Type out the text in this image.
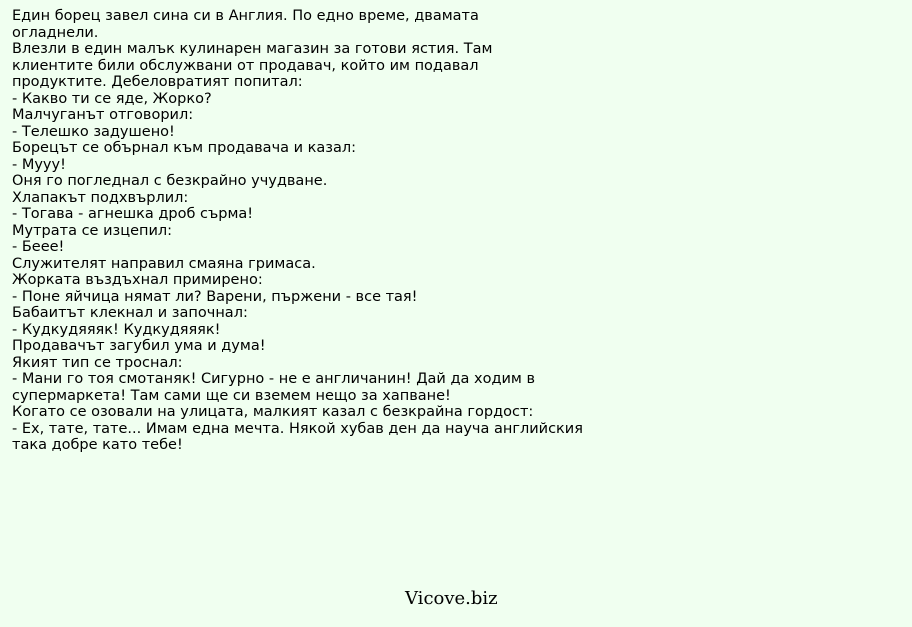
Един борец завел сина си в Англия. По едно време, двамата
огладнели.
Влезли в един малък кулинарен магазин за готови ястия. Там
клиентите били обслужвани от продавач, който им подавал
продуктите. Дебеловратият попитал:
- Какво ти се яде, Жорко?
Малчуганът отговорил:
- Телешко задушено!
Борецът се обърнал към продавача и казал:
- Мууу!
Оня го погледнал с безкрайно учудване.
Хлапакът подхвърлил:
- Тогава - агнешка дроб сърма!
Мутрата се изцепил:
- Беее!
Служителят направил смаяна гримаса.
Жорката въздъхнал примирено:
- Поне яйчица нямат ли? Варени, пържени - все тая!
Бабаитът клекнал и започнал:
- Кудкудяяяк! Кудкудяяяк!
Продавачът загубил ума и дума!
Якият тип се троснал:
- Мани го тоя смотаняк! Сигурно - не е англичанин! Дай да ходим в
супермаркета! Там сами ще си вземем нещо за хапване!
Когато се озовали на улицата, малкият казал с безкрайна гордост:
- Ех, тате, тате... Имам една мечта. Някой хубав ден да науча английския
така добре като тебе!
Vicove.biz
